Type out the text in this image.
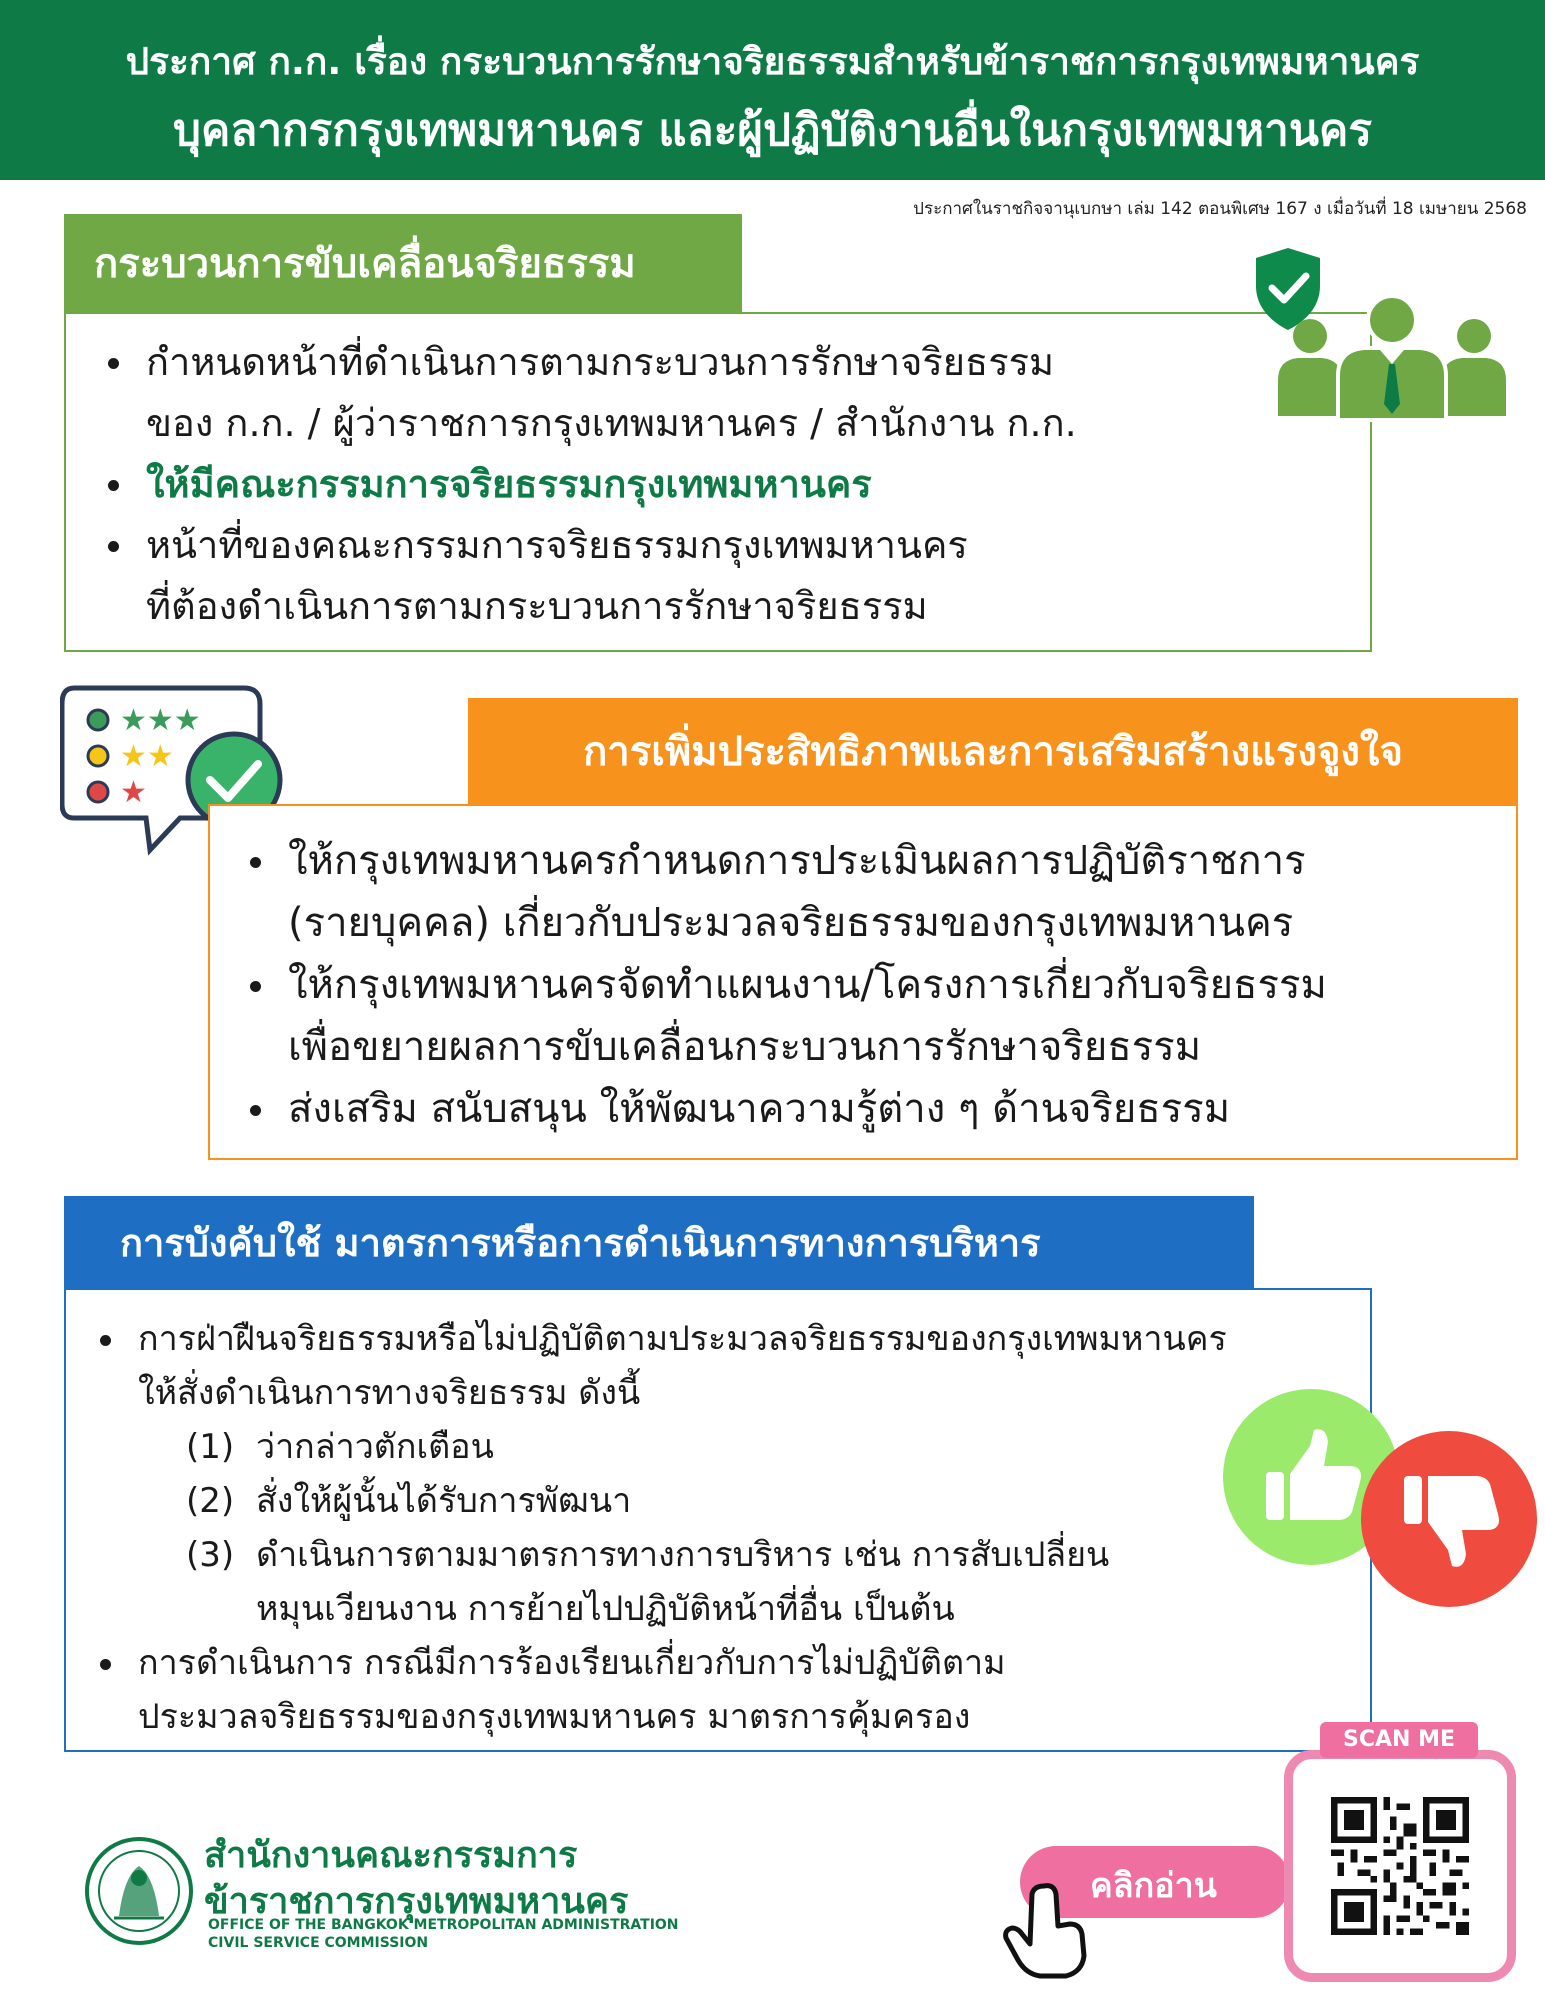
ประกาศ ก.ก. เรื่อง กระบวนการรักษาจริยธรรมสำหรับข้าราชการกรุงเทพมหานคร
บุคลากรกรุงเทพมหานคร และผู้ปฏิบัติงานอื่นในกรุงเทพมหานคร
ประกาศในราชกิจจานุเบกษา เล่ม 142 ตอนพิเศษ 167 ง เมื่อวันที่ 18 เมษายน 2568
กระบวนการขับเคลื่อนจริยธรรม
กำหนดหน้าที่ดำเนินการตามกระบวนการรักษาจริยธรรม
ของ ก.ก. / ผู้ว่าราชการกรุงเทพมหานคร / สำนักงาน ก.ก.
ให้มีคณะกรรมการจริยธรรมกรุงเทพมหานคร
หน้าที่ของคณะกรรมการจริยธรรมกรุงเทพมหานคร
ที่ต้องดำเนินการตามกระบวนการรักษาจริยธรรม
★★★
★★
★
การเพิ่มประสิทธิภาพและการเสริมสร้างแรงจูงใจ
ให้กรุงเทพมหานครกำหนดการประเมินผลการปฏิบัติราชการ
(รายบุคคล) เกี่ยวกับประมวลจริยธรรมของกรุงเทพมหานคร
ให้กรุงเทพมหานครจัดทำแผนงาน/โครงการเกี่ยวกับจริยธรรม
เพื่อขยายผลการขับเคลื่อนกระบวนการรักษาจริยธรรม
ส่งเสริม สนับสนุน ให้พัฒนาความรู้ต่าง ๆ ด้านจริยธรรม
การบังคับใช้ มาตรการหรือการดำเนินการทางการบริหาร
การฝ่าฝืนจริยธรรมหรือไม่ปฏิบัติตามประมวลจริยธรรมของกรุงเทพมหานคร
ให้สั่งดำเนินการทางจริยธรรม ดังนี้
(1) ว่ากล่าวตักเตือน
(2) สั่งให้ผู้นั้นได้รับการพัฒนา
(3) ดำเนินการตามมาตรการทางการบริหาร เช่น การสับเปลี่ยน
หมุนเวียนงาน การย้ายไปปฏิบัติหน้าที่อื่น เป็นต้น
การดำเนินการ กรณีมีการร้องเรียนเกี่ยวกับการไม่ปฏิบัติตาม
ประมวลจริยธรรมของกรุงเทพมหานคร มาตรการคุ้มครอง
สำนักงานคณะกรรมการ
ข้าราชการกรุงเทพมหานคร
OFFICE OF THE BANGKOK METROPOLITAN ADMINISTRATION
CIVIL SERVICE COMMISSION
คลิกอ่าน
SCAN ME
